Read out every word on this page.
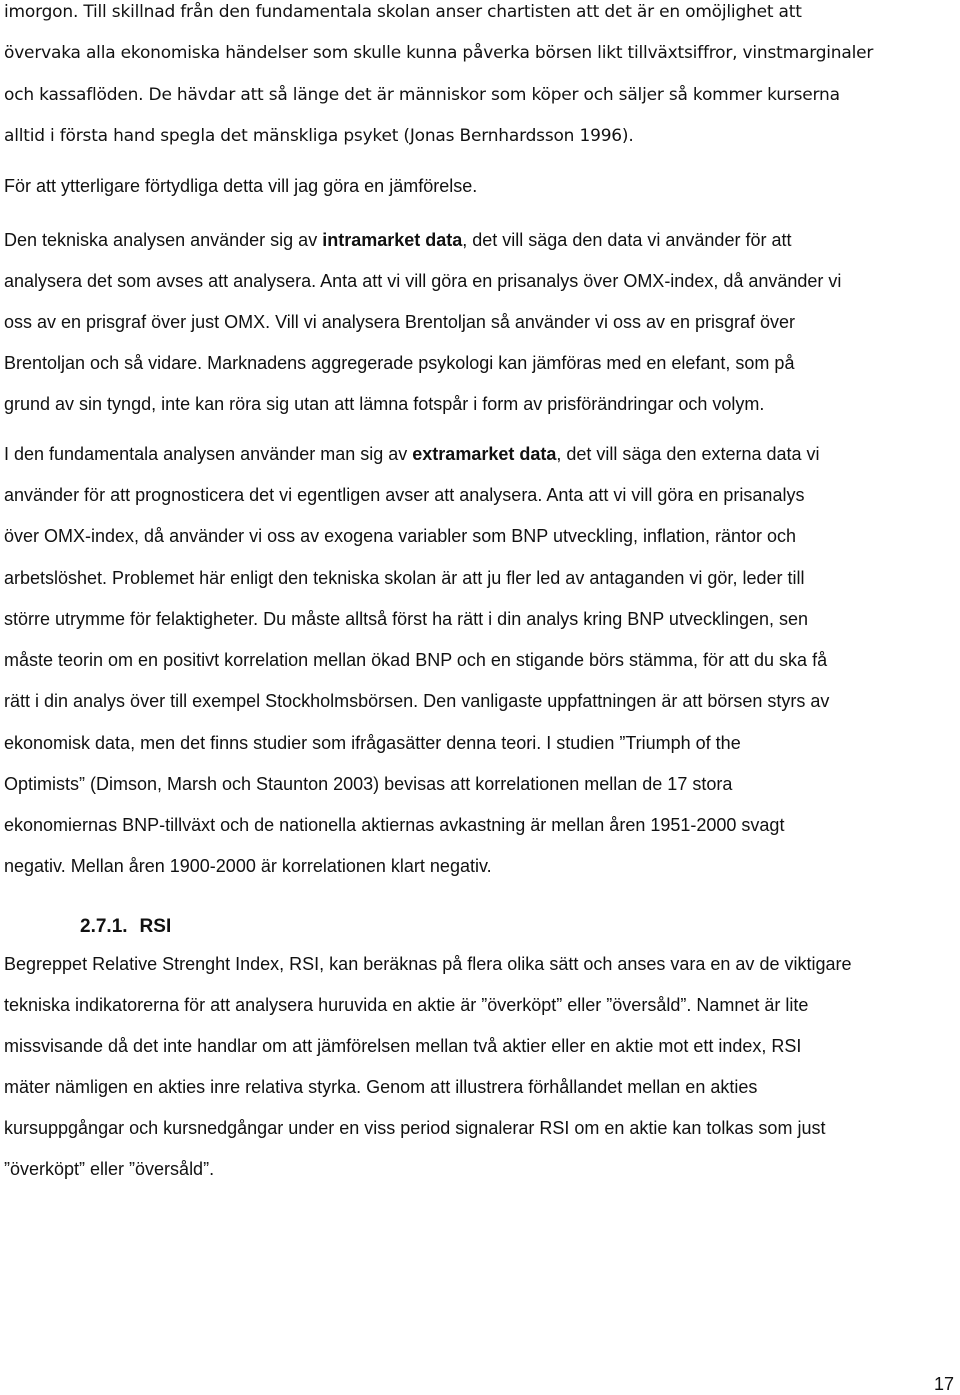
imorgon. Till skillnad från den fundamentala skolan anser chartisten att det är en omöjlighet att
övervaka alla ekonomiska händelser som skulle kunna påverka börsen likt tillväxtsiffror, vinstmarginaler
och kassaflöden. De hävdar att så länge det är människor som köper och säljer så kommer kurserna
alltid i första hand spegla det mänskliga psyket (Jonas Bernhardsson 1996).
För att ytterligare förtydliga detta vill jag göra en jämförelse.
Den tekniska analysen använder sig av intramarket data, det vill säga den data vi använder för att
analysera det som avses att analysera. Anta att vi vill göra en prisanalys över OMX-index, då använder vi
oss av en prisgraf över just OMX. Vill vi analysera Brentoljan så använder vi oss av en prisgraf över
Brentoljan och så vidare. Marknadens aggregerade psykologi kan jämföras med en elefant, som på
grund av sin tyngd, inte kan röra sig utan att lämna fotspår i form av prisförändringar och volym.
I den fundamentala analysen använder man sig av extramarket data, det vill säga den externa data vi
använder för att prognosticera det vi egentligen avser att analysera. Anta att vi vill göra en prisanalys
över OMX-index, då använder vi oss av exogena variabler som BNP utveckling, inflation, räntor och
arbetslöshet. Problemet här enligt den tekniska skolan är att ju fler led av antaganden vi gör, leder till
större utrymme för felaktigheter. Du måste alltså först ha rätt i din analys kring BNP utvecklingen, sen
måste teorin om en positivt korrelation mellan ökad BNP och en stigande börs stämma, för att du ska få
rätt i din analys över till exempel Stockholmsbörsen. Den vanligaste uppfattningen är att börsen styrs av
ekonomisk data, men det finns studier som ifrågasätter denna teori. I studien ”Triumph of the
Optimists” (Dimson, Marsh och Staunton 2003) bevisas att korrelationen mellan de 17 stora
ekonomiernas BNP-tillväxt och de nationella aktiernas avkastning är mellan åren 1951-2000 svagt
negativ. Mellan åren 1900-2000 är korrelationen klart negativ.
2.7.1. RSI
Begreppet Relative Strenght Index, RSI, kan beräknas på flera olika sätt och anses vara en av de viktigare
tekniska indikatorerna för att analysera huruvida en aktie är ”överköpt” eller ”översåld”. Namnet är lite
missvisande då det inte handlar om att jämförelsen mellan två aktier eller en aktie mot ett index, RSI
mäter nämligen en akties inre relativa styrka. Genom att illustrera förhållandet mellan en akties
kursuppgångar och kursnedgångar under en viss period signalerar RSI om en aktie kan tolkas som just
”överköpt” eller ”översåld”.
17
